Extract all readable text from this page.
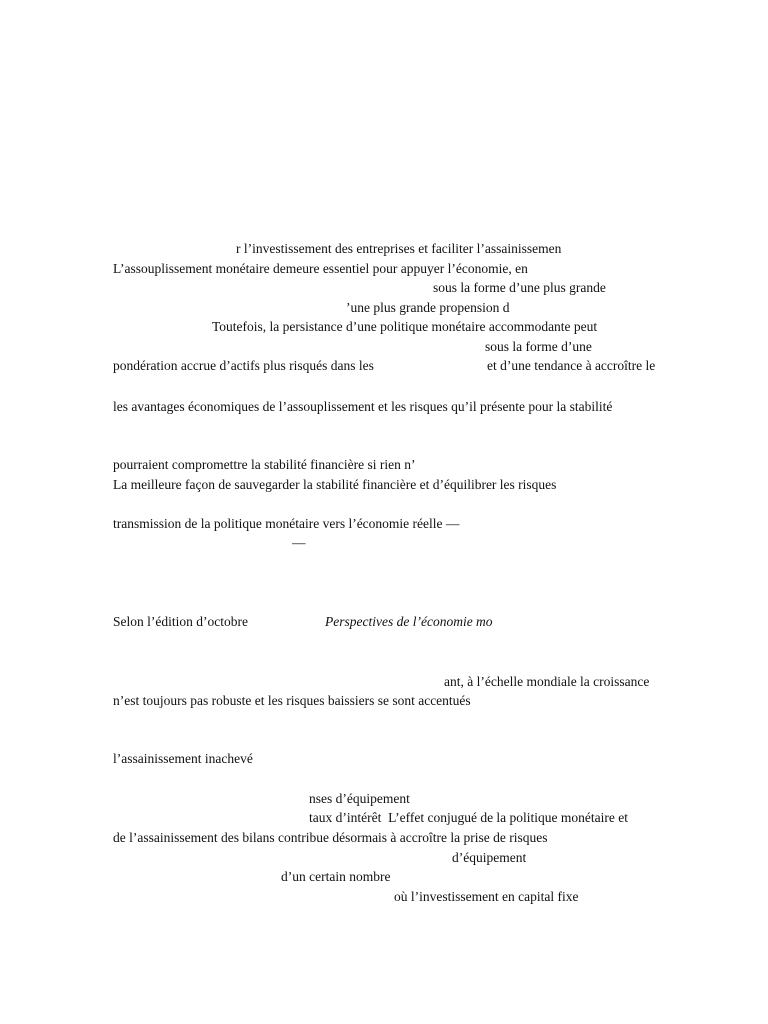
r l’investissement des entreprises et faciliter l’assainissemen

L’assouplissement monétaire demeure essentiel pour appuyer l’économie, en

sous la forme d’une plus grande

’une plus grande propension d

Toutefois, la persistance d’une politique monétaire accommodante peut

sous la forme d’une

pondération accrue d’actifs plus risqués dans les	et d’une tendance à accroître le

les avantages économiques de l’assouplissement et les risques qu’il présente pour la stabilité

pourraient compromettre la stabilité financière si rien n’

La meilleure façon de sauvegarder la stabilité financière et d’équilibrer les risques

transmission de la politique monétaire vers l’économie réelle —

—

Selon l’édition d’octobre	Perspectives de l’économie mo

ant, à l’échelle mondiale la croissance

n’est toujours pas robuste et les risques baissiers se sont accentués

l’assainissement inachevé

nses d’équipement

taux d’intérêt  L’effet conjugué de la politique monétaire et

de l’assainissement des bilans contribue désormais à accroître la prise de risques

d’équipement

d’un certain nombre

où l’investissement en capital fixe
